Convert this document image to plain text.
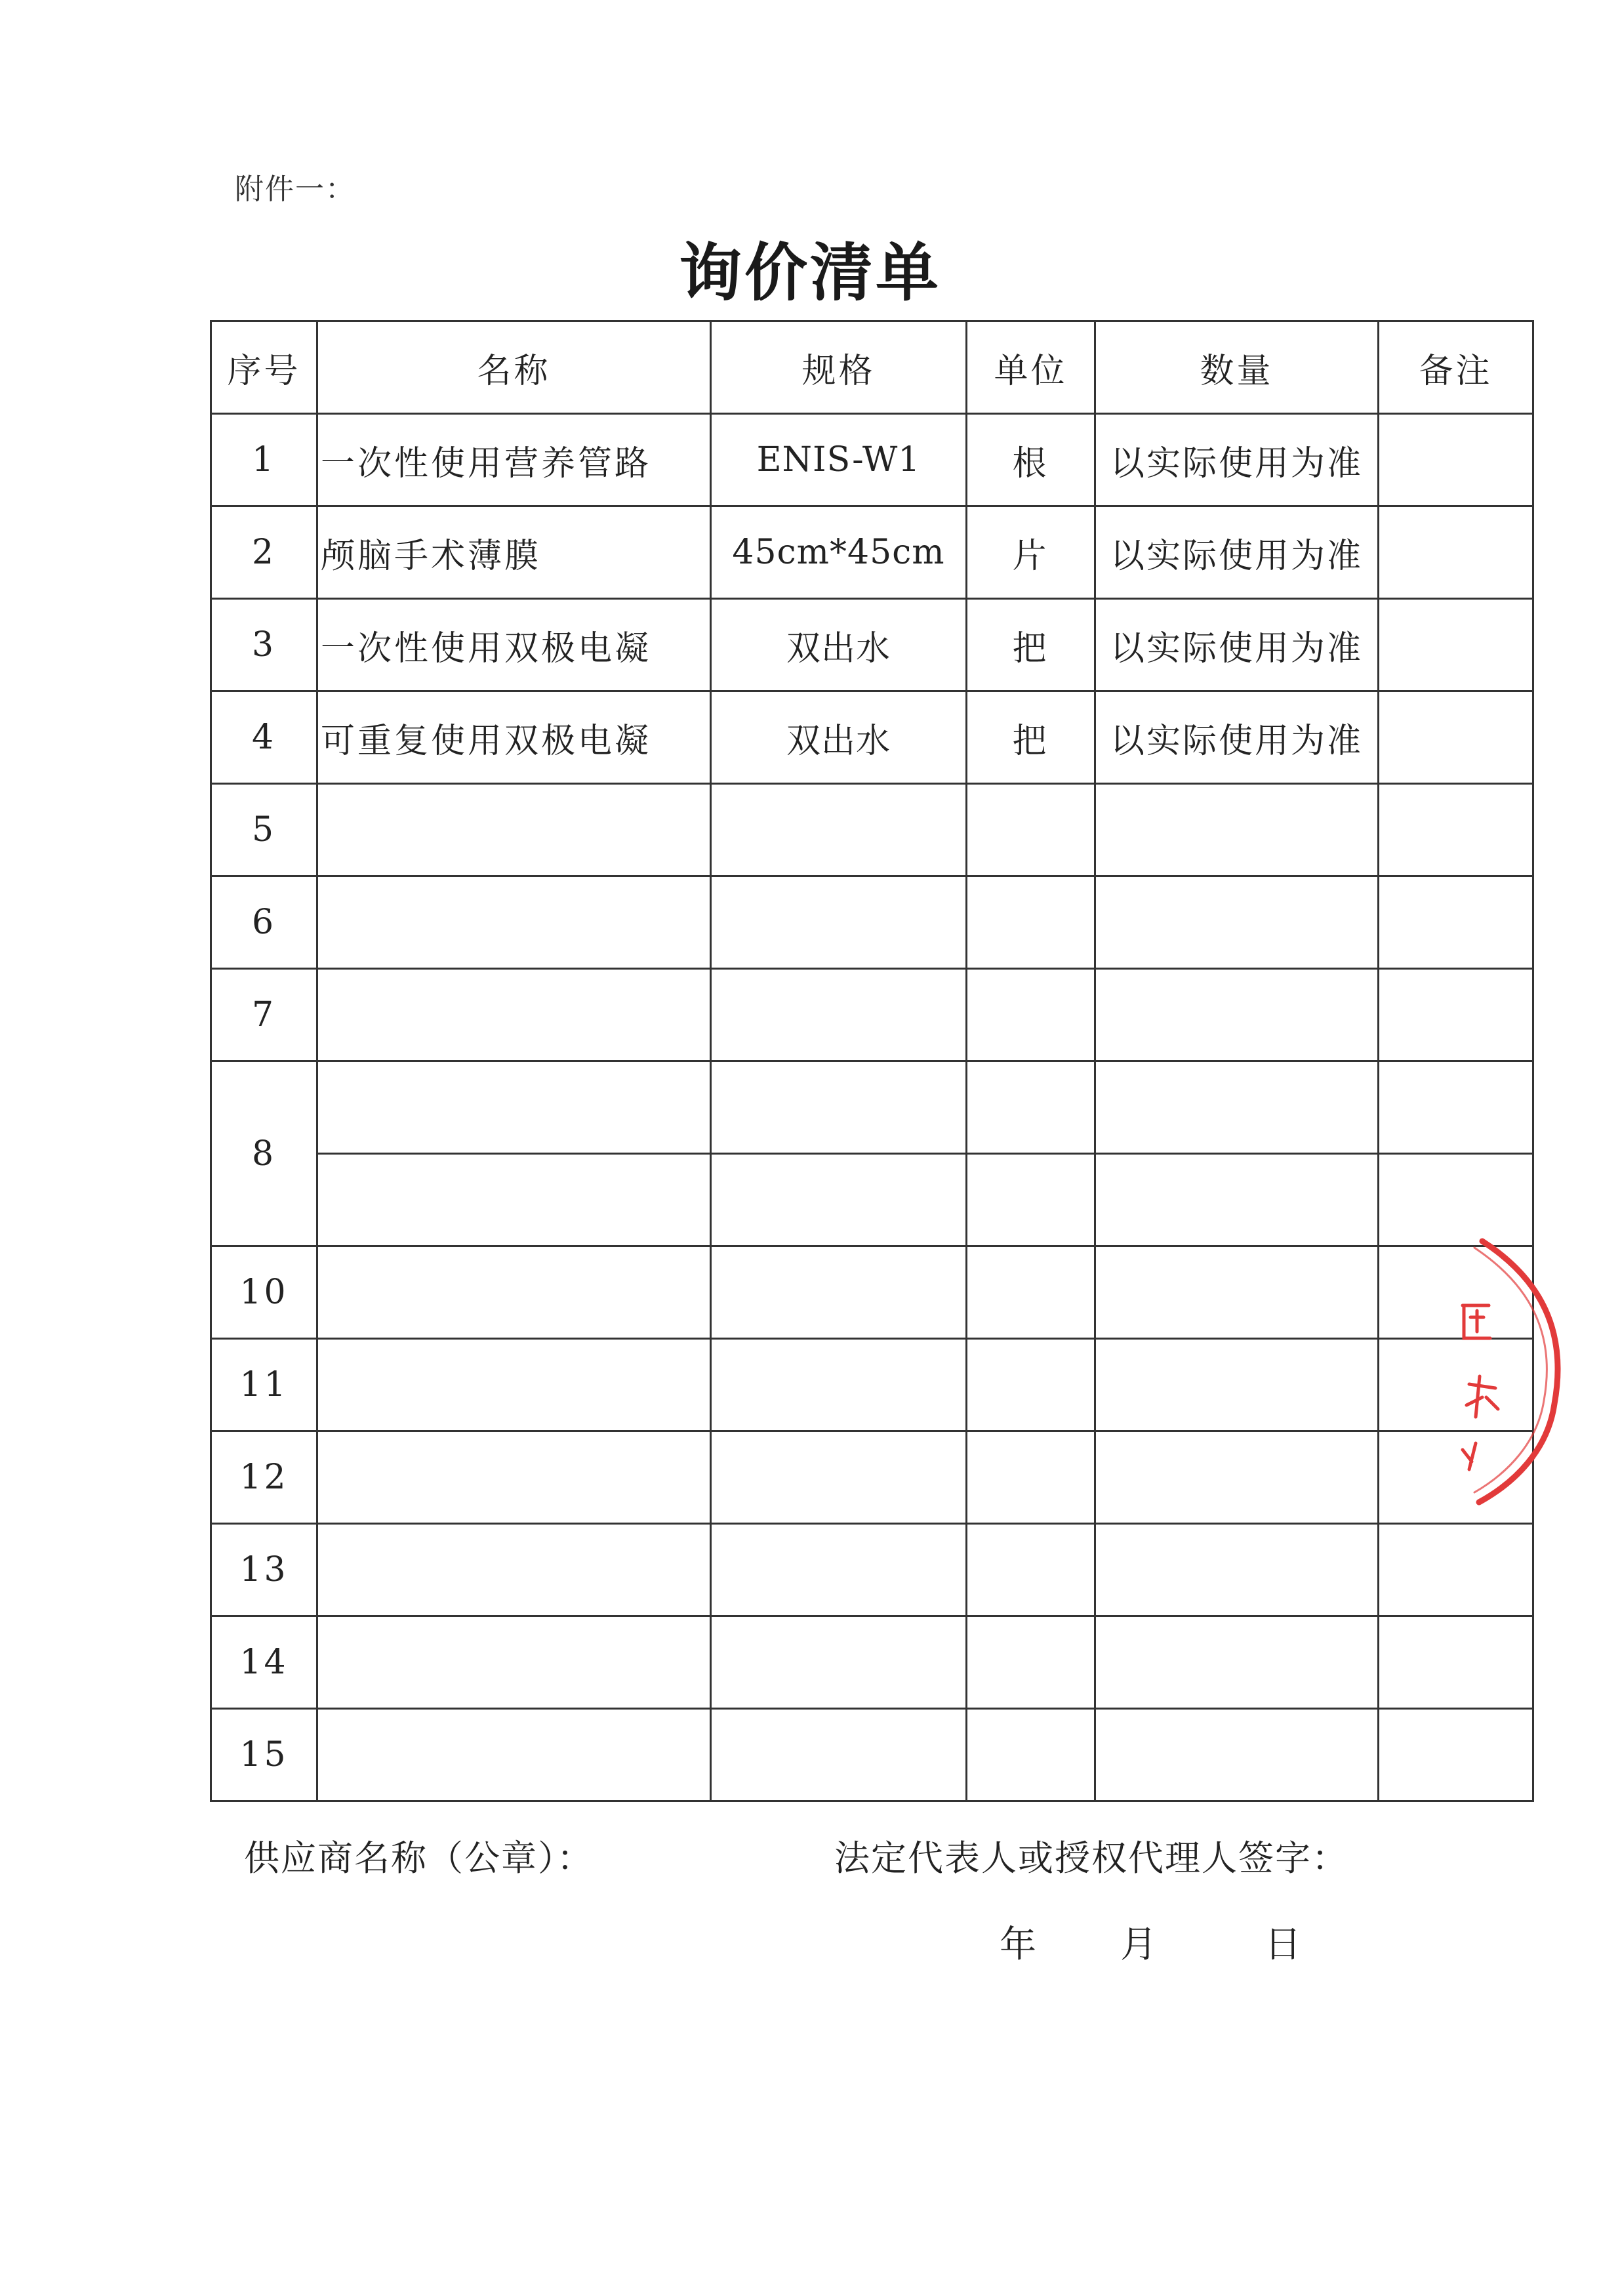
附件一：
询价清单
序号	名称	规格	单位	数量	备注
1	一次性使用营养管路	ENIS-W1	根	以实际使用为准	
2	颅脑手术薄膜	45cm*45cm	片	以实际使用为准	
3	一次性使用双极电凝	双出水	把	以实际使用为准	
4	可重复使用双极电凝	双出水	把	以实际使用为准	
5					
6					
7					
8					

10					
11					
12					
13					
14					
15					
供应商名称（公章）：	法定代表人或授权代理人签字：
年 月	日
